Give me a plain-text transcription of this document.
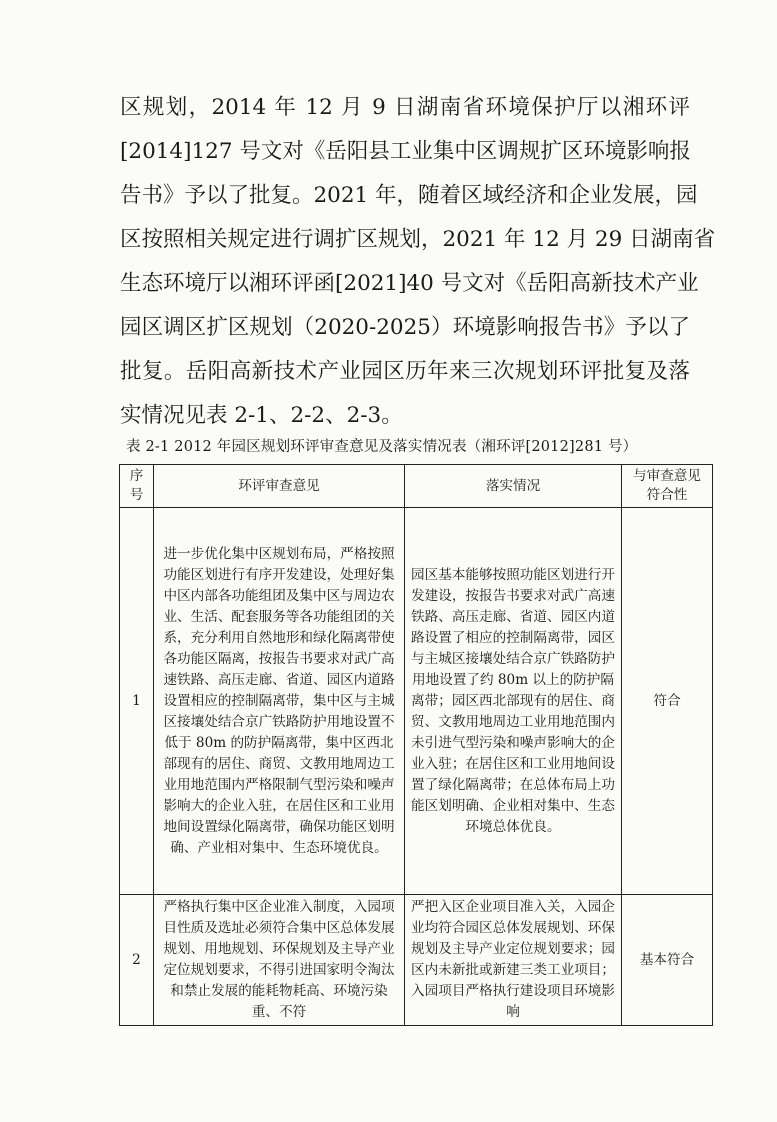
区规划，2014 年 12 月 9 日湖南省环境保护厅以湘环评
[2014]127 号文对《岳阳县工业集中区调规扩区环境影响报
告书》予以了批复。2021 年，随着区域经济和企业发展，园
区按照相关规定进行调扩区规划，2021 年 12 月 29 日湖南省
生态环境厅以湘环评函[2021]40 号文对《岳阳高新技术产业
园区调区扩区规划（2020-2025）环境影响报告书》予以了
批复。岳阳高新技术产业园区历年来三次规划环评批复及落
实情况见表 2-1、2-2、2-3。
表 2-1 2012 年园区规划环评审查意见及落实情况表（湘环评[2012]281 号）
序号	环评审查意见	落实情况	与审查意见符合性

1	进一步优化集中区规划布局，严格按照功能区划进行有序开发建设，处理好集中区内部各功能组团及集中区与周边农业、生活、配套服务等各功能组团的关系，充分利用自然地形和绿化隔离带使各功能区隔离，按报告书要求对武广高速铁路、高压走廊、省道、园区内道路设置相应的控制隔离带，集中区与主城区接壤处结合京广铁路防护用地设置不低于 80m 的防护隔离带，集中区西北部现有的居住、商贸、文教用地周边工业用地范围内严格限制气型污染和噪声影响大的企业入驻，在居住区和工业用地间设置绿化隔离带，确保功能区划明确、产业相对集中、生态环境优良。	园区基本能够按照功能区划进行开发建设，按报告书要求对武广高速铁路、高压走廊、省道、园区内道路设置了相应的控制隔离带，园区与主城区接壤处结合京广铁路防护用地设置了约 80m 以上的防护隔离带；园区西北部现有的居住、商贸、文教用地周边工业用地范围内未引进气型污染和噪声影响大的企业入驻；在居住区和工业用地间设置了绿化隔离带；在总体布局上功能区划明确、企业相对集中、生态环境总体优良。	符合
2	严格执行集中区企业准入制度，入园项目性质及选址必须符合集中区总体发展规划、用地规划、环保规划及主导产业定位规划要求，不得引进国家明令淘汰和禁止发展的能耗物耗高、环境污染重、不符	严把入区企业项目准入关，入园企业均符合园区总体发展规划、环保规划及主导产业定位规划要求；园区内未新批或新建三类工业项目；入园项目严格执行建设项目环境影响	基本符合
